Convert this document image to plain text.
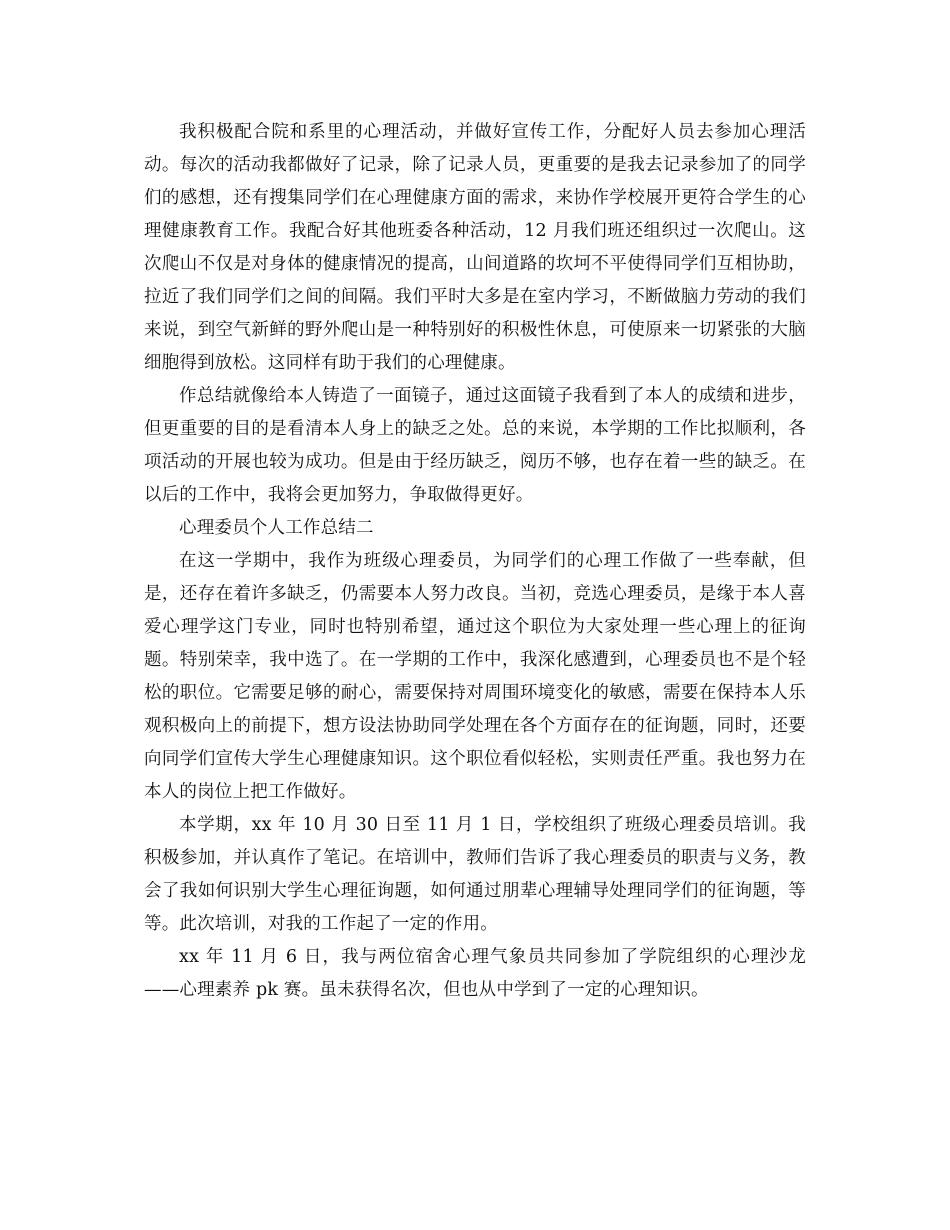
我积极配合院和系里的心理活动，并做好宣传工作，分配好人员去参加心理活动。每次的活动我都做好了记录，除了记录人员，更重要的是我去记录参加了的同学们的感想，还有搜集同学们在心理健康方面的需求，来协作学校展开更符合学生的心理健康教育工作。我配合好其他班委各种活动，12 月我们班还组织过一次爬山。这次爬山不仅是对身体的健康情况的提高，山间道路的坎坷不平使得同学们互相协助，拉近了我们同学们之间的间隔。我们平时大多是在室内学习，不断做脑力劳动的我们来说，到空气新鲜的野外爬山是一种特别好的积极性休息，可使原来一切紧张的大脑细胞得到放松。这同样有助于我们的心理健康。

作总结就像给本人铸造了一面镜子，通过这面镜子我看到了本人的成绩和进步，但更重要的目的是看清本人身上的缺乏之处。总的来说，本学期的工作比拟顺利，各项活动的开展也较为成功。但是由于经历缺乏，阅历不够，也存在着一些的缺乏。在以后的工作中，我将会更加努力，争取做得更好。

心理委员个人工作总结二

在这一学期中，我作为班级心理委员，为同学们的心理工作做了一些奉献，但是，还存在着许多缺乏，仍需要本人努力改良。当初，竞选心理委员，是缘于本人喜爱心理学这门专业，同时也特别希望，通过这个职位为大家处理一些心理上的征询题。特别荣幸，我中选了。在一学期的工作中，我深化感遭到，心理委员也不是个轻松的职位。它需要足够的耐心，需要保持对周围环境变化的敏感，需要在保持本人乐观积极向上的前提下，想方设法协助同学处理在各个方面存在的征询题，同时，还要向同学们宣传大学生心理健康知识。这个职位看似轻松，实则责任严重。我也努力在本人的岗位上把工作做好。

本学期，xx 年 10 月 30 日至 11 月 1 日，学校组织了班级心理委员培训。我积极参加，并认真作了笔记。在培训中，教师们告诉了我心理委员的职责与义务，教会了我如何识别大学生心理征询题，如何通过朋辈心理辅导处理同学们的征询题，等等。此次培训，对我的工作起了一定的作用。

xx 年 11 月 6 日，我与两位宿舍心理气象员共同参加了学院组织的心理沙龙——心理素养 pk 赛。虽未获得名次，但也从中学到了一定的心理知识。
